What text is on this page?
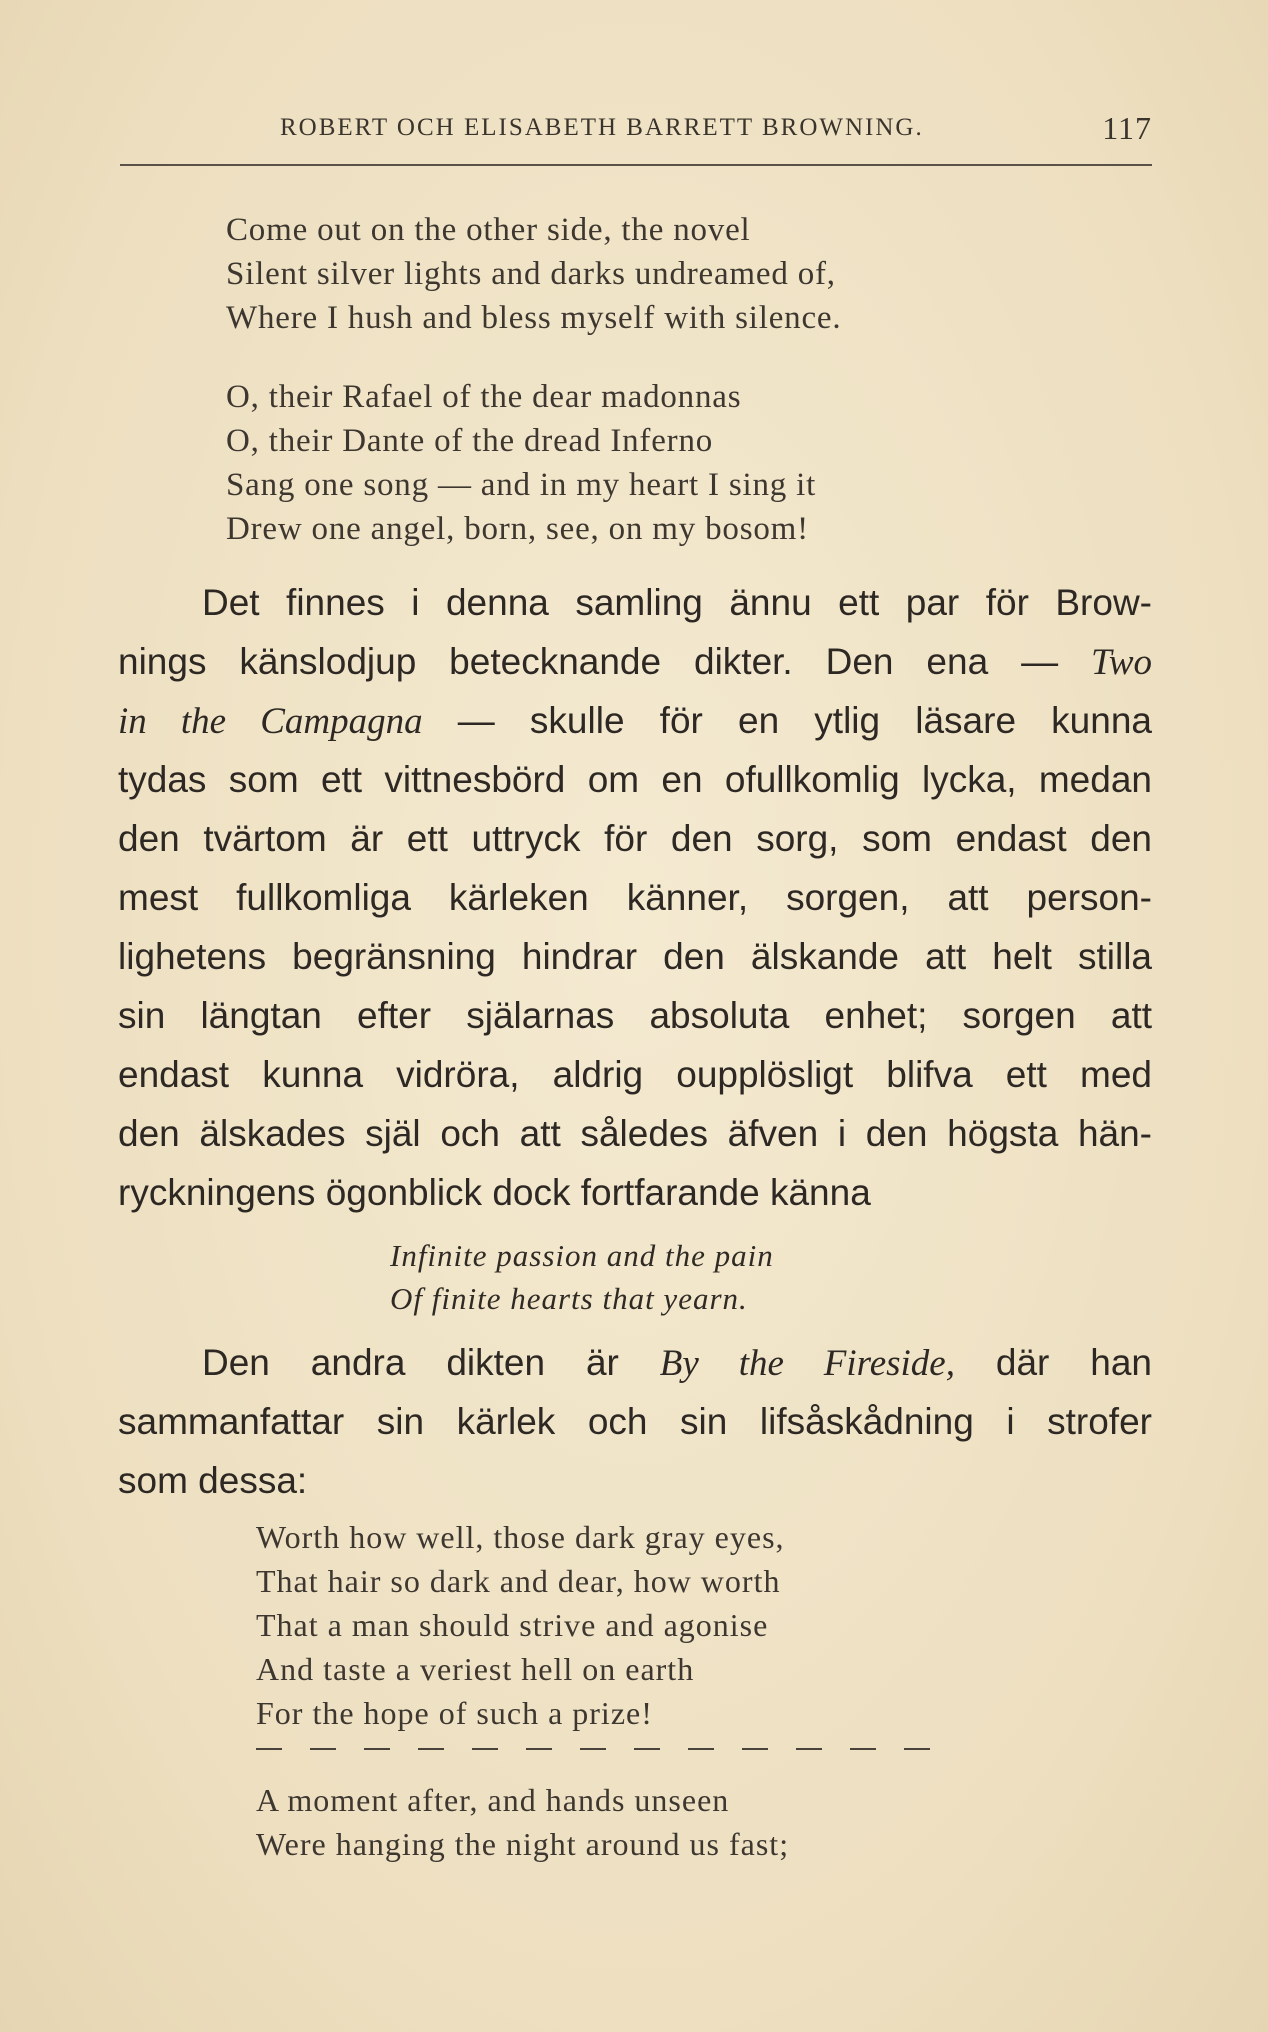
ROBERT OCH ELISABETH BARRETT BROWNING.	117
Come out on the other side, the novel
Silent silver lights and darks undreamed of,
Where I hush and bless myself with silence.
O, their Rafael of the dear madonnas
O, their Dante of the dread Inferno
Sang one song — and in my heart I sing it
Drew one angel, born, see, on my bosom!
Det finnes i denna samling ännu ett par för Brow-
nings känslodjup betecknande dikter. Den ena — Two
in the Campagna — skulle för en ytlig läsare kunna
tydas som ett vittnesbörd om en ofullkomlig lycka, medan
den tvärtom är ett uttryck för den sorg, som endast den
mest fullkomliga kärleken känner, sorgen, att person-
lighetens begränsning hindrar den älskande att helt stilla
sin längtan efter själarnas absoluta enhet; sorgen att
endast kunna vidröra, aldrig oupplösligt blifva ett med
den älskades själ och att således äfven i den högsta hän-
ryckningens ögonblick dock fortfarande känna
Infinite passion and the pain
Of finite hearts that yearn.
Den andra dikten är By the Fireside, där han
sammanfattar sin kärlek och sin lifsåskådning i strofer
som dessa:
Worth how well, those dark gray eyes,
That hair so dark and dear, how worth
That a man should strive and agonise
And taste a veriest hell on earth
For the hope of such a prize!
A moment after, and hands unseen
Were hanging the night around us fast;
